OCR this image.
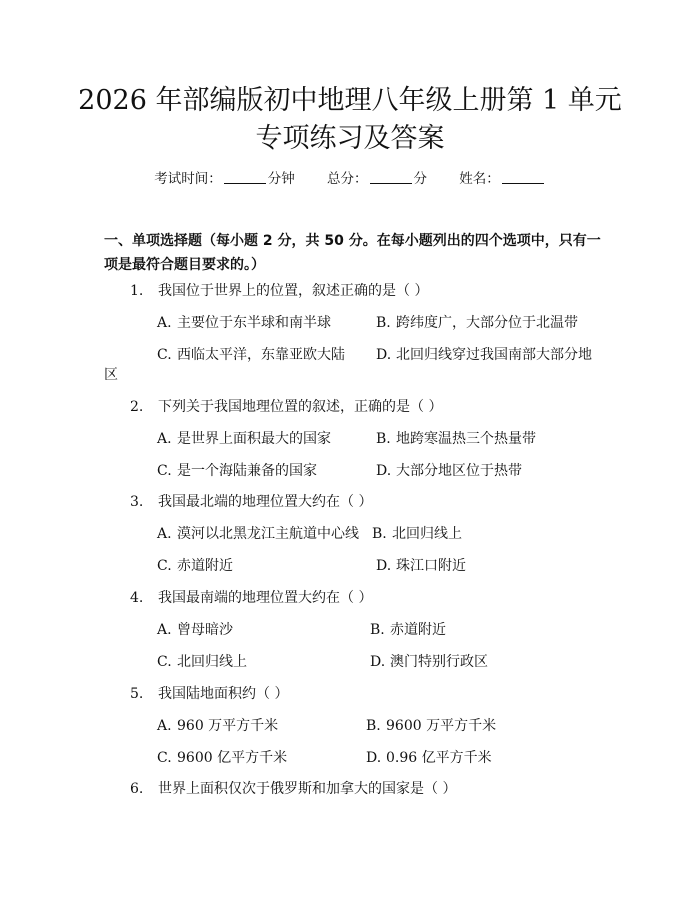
2026 年部编版初中地理八年级上册第 1 单元
专项练习及答案
考试时间：	分钟 总分：	分 姓名：
一、单项选择题（每小题 2 分，共 50 分。在每小题列出的四个选项中，只有一项是最符合题目要求的。）
1. 我国位于世界上的位置，叙述正确的是（ ）
A. 主要位于东半球和南半球	B. 跨纬度广，大部分位于北温带
C. 西临太平洋，东靠亚欧大陆 D. 北回归线穿过我国南部大部分地
区
2. 下列关于我国地理位置的叙述，正确的是（ ）
A. 是世界上面积最大的国家	B. 地跨寒温热三个热量带
C. 是一个海陆兼备的国家	D. 大部分地区位于热带
3. 我国最北端的地理位置大约在（ ）
A. 漠河以北黑龙江主航道中心线 B. 北回归线上
C. 赤道附近	D. 珠江口附近
4. 我国最南端的地理位置大约在（ ）
A. 曾母暗沙	B. 赤道附近
C. 北回归线上	D. 澳门特别行政区
5. 我国陆地面积约（ ）
A. 960 万平方千米	B. 9600 万平方千米
C. 9600 亿平方千米	D. 0.96 亿平方千米
6. 世界上面积仅次于俄罗斯和加拿大的国家是（ ）
